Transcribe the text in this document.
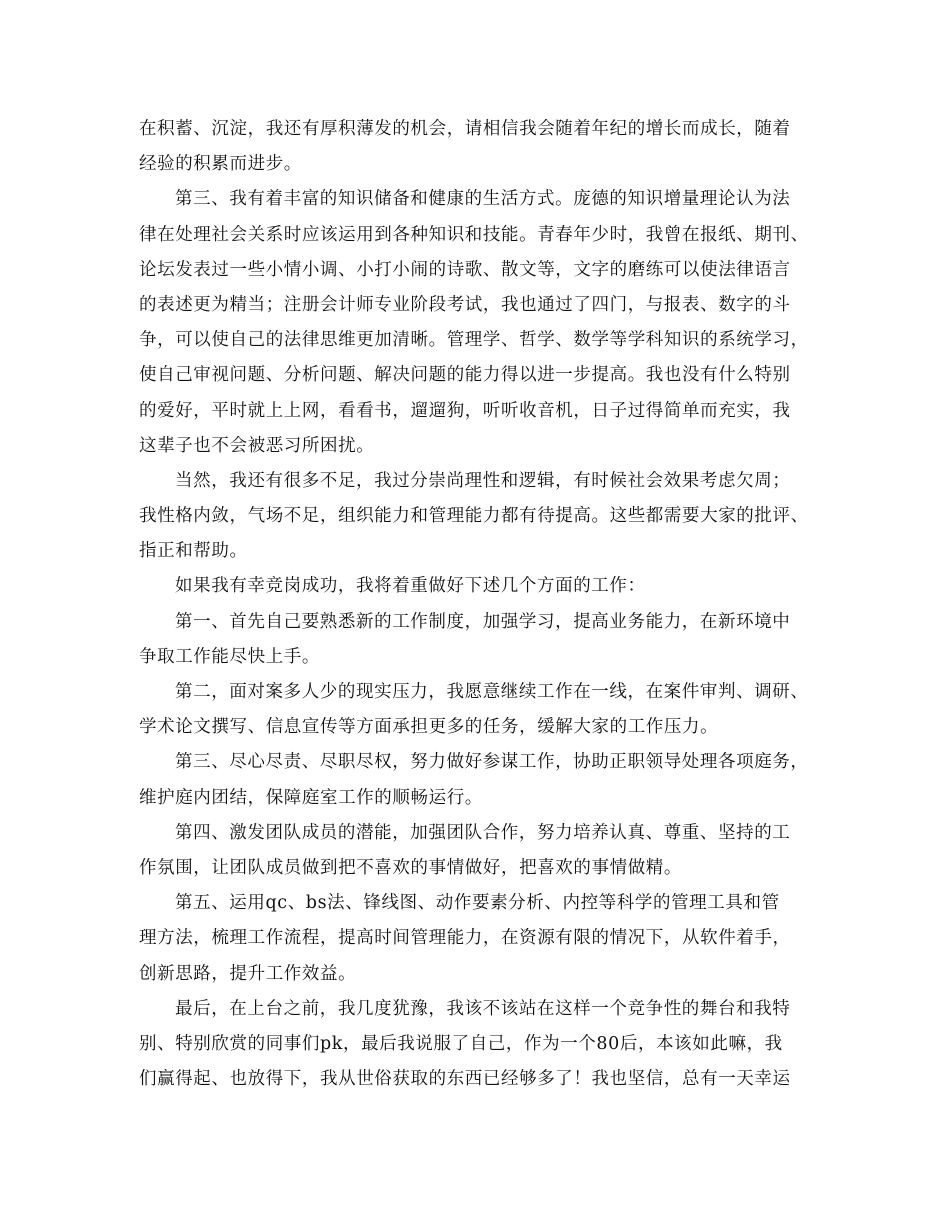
在积蓄、沉淀，我还有厚积薄发的机会，请相信我会随着年纪的增长而成长，随着
经验的积累而进步。
第三、我有着丰富的知识储备和健康的生活方式。庞德的知识增量理论认为法
律在处理社会关系时应该运用到各种知识和技能。青春年少时，我曾在报纸、期刊、
论坛发表过一些小情小调、小打小闹的诗歌、散文等，文字的磨练可以使法律语言
的表述更为精当；注册会计师专业阶段考试，我也通过了四门，与报表、数字的斗
争，可以使自己的法律思维更加清晰。管理学、哲学、数学等学科知识的系统学习，
使自己审视问题、分析问题、解决问题的能力得以进一步提高。我也没有什么特别
的爱好，平时就上上网，看看书，遛遛狗，听听收音机，日子过得简单而充实，我
这辈子也不会被恶习所困扰。
当然，我还有很多不足，我过分崇尚理性和逻辑，有时候社会效果考虑欠周；
我性格内敛，气场不足，组织能力和管理能力都有待提高。这些都需要大家的批评、
指正和帮助。
如果我有幸竞岗成功，我将着重做好下述几个方面的工作：
第一、首先自己要熟悉新的工作制度，加强学习，提高业务能力，在新环境中
争取工作能尽快上手。
第二，面对案多人少的现实压力，我愿意继续工作在一线，在案件审判、调研、
学术论文撰写、信息宣传等方面承担更多的任务，缓解大家的工作压力。
第三、尽心尽责、尽职尽权，努力做好参谋工作，协助正职领导处理各项庭务，
维护庭内团结，保障庭室工作的顺畅运行。
第四、激发团队成员的潜能，加强团队合作，努力培养认真、尊重、坚持的工
作氛围，让团队成员做到把不喜欢的事情做好，把喜欢的事情做精。
第五、运用qc、bs法、锋线图、动作要素分析、内控等科学的管理工具和管
理方法，梳理工作流程，提高时间管理能力，在资源有限的情况下，从软件着手，
创新思路，提升工作效益。
最后，在上台之前，我几度犹豫，我该不该站在这样一个竞争性的舞台和我特
别、特别欣赏的同事们pk，最后我说服了自己，作为一个80后，本该如此嘛，我
们赢得起、也放得下，我从世俗获取的东西已经够多了！我也坚信，总有一天幸运
